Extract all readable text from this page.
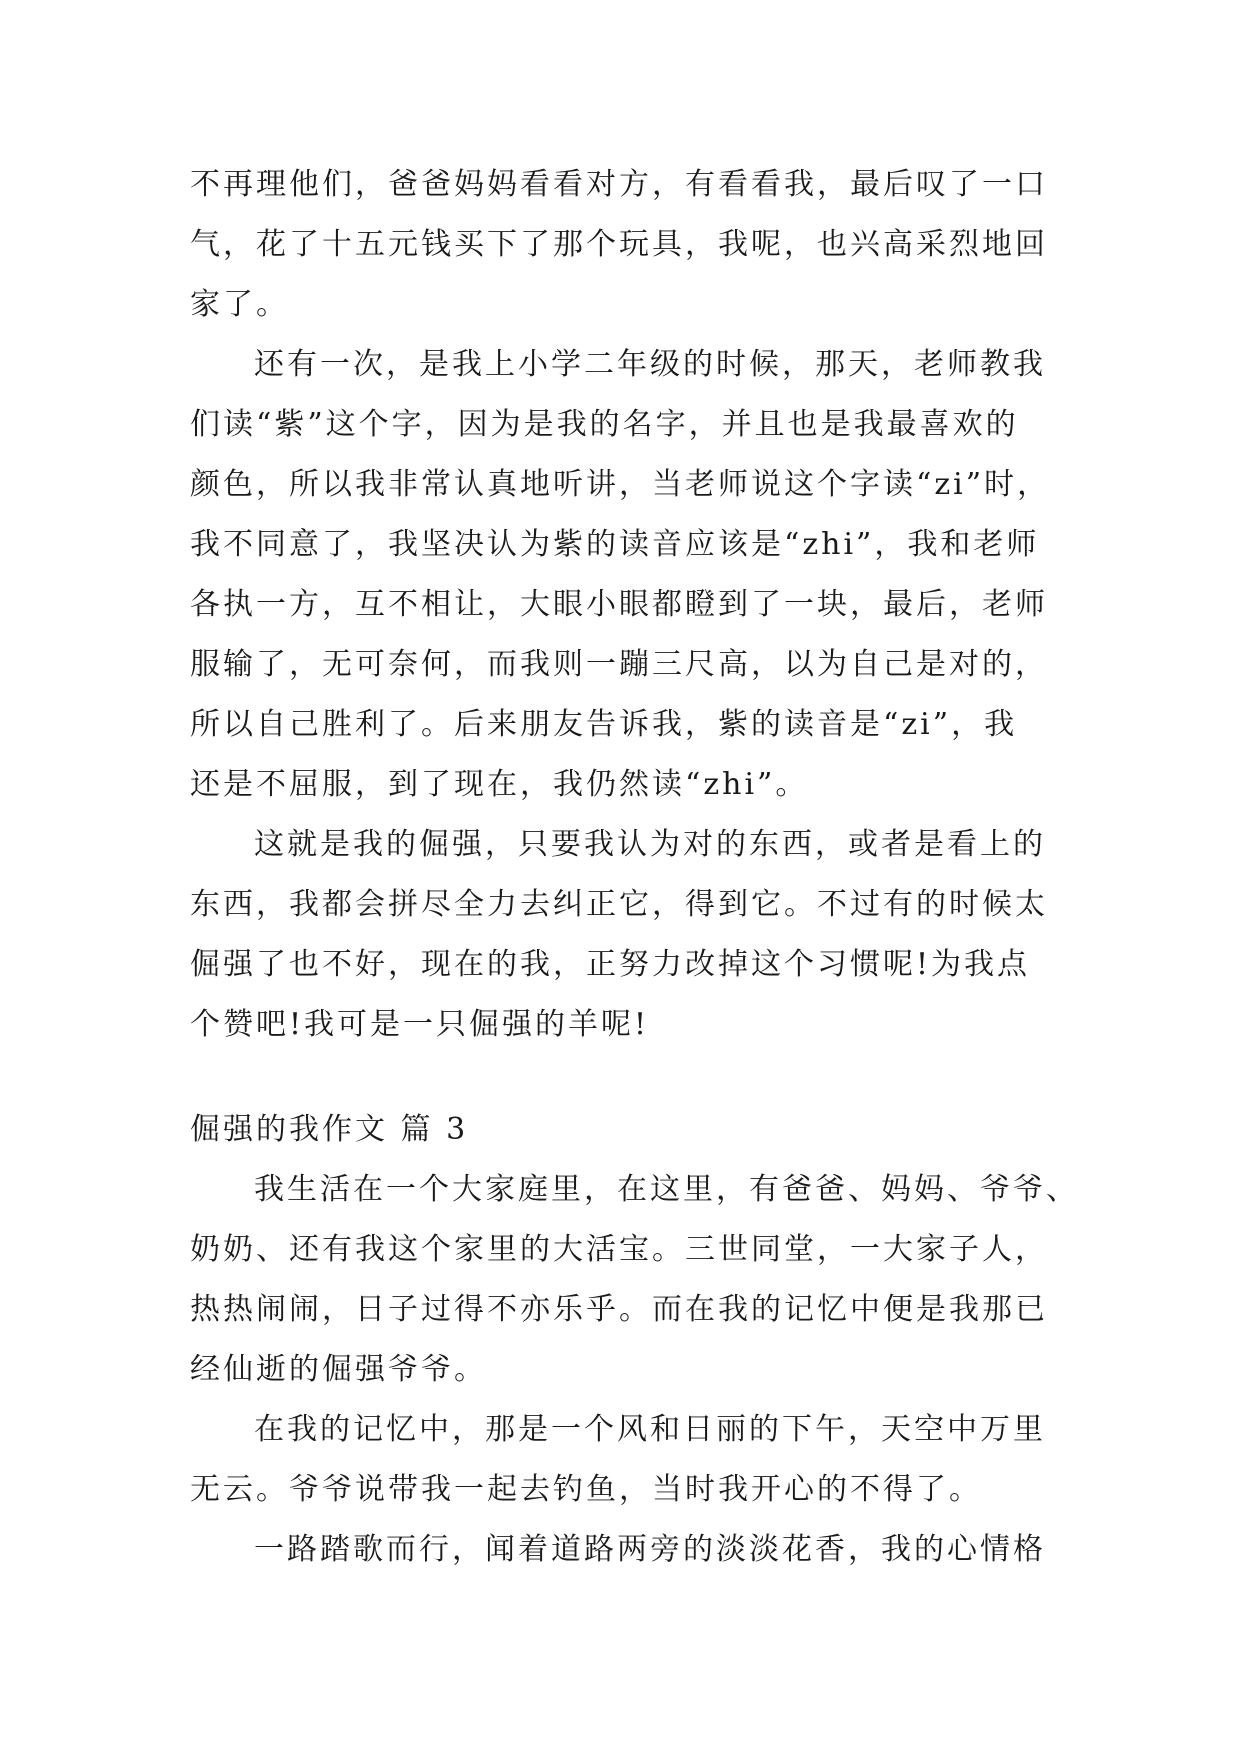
不再理他们，爸爸妈妈看看对方，有看看我，最后叹了一口
气，花了十五元钱买下了那个玩具，我呢，也兴高采烈地回
家了。
还有一次，是我上小学二年级的时候，那天，老师教我
们读“紫”这个字，因为是我的名字，并且也是我最喜欢的
颜色，所以我非常认真地听讲，当老师说这个字读“zi”时，
我不同意了，我坚决认为紫的读音应该是“zhi”，我和老师
各执一方，互不相让，大眼小眼都瞪到了一块，最后，老师
服输了，无可奈何，而我则一蹦三尺高，以为自己是对的，
所以自己胜利了。后来朋友告诉我，紫的读音是“zi”，我
还是不屈服，到了现在，我仍然读“zhi”。
这就是我的倔强，只要我认为对的东西，或者是看上的
东西，我都会拼尽全力去纠正它，得到它。不过有的时候太
倔强了也不好，现在的我，正努力改掉这个习惯呢!为我点
个赞吧!我可是一只倔强的羊呢!
倔强的我作文 篇 3
我生活在一个大家庭里，在这里，有爸爸、妈妈、爷爷、
奶奶、还有我这个家里的大活宝。三世同堂，一大家子人，
热热闹闹，日子过得不亦乐乎。而在我的记忆中便是我那已
经仙逝的倔强爷爷。
在我的记忆中，那是一个风和日丽的下午，天空中万里
无云。爷爷说带我一起去钓鱼，当时我开心的不得了。
一路踏歌而行，闻着道路两旁的淡淡花香，我的心情格
